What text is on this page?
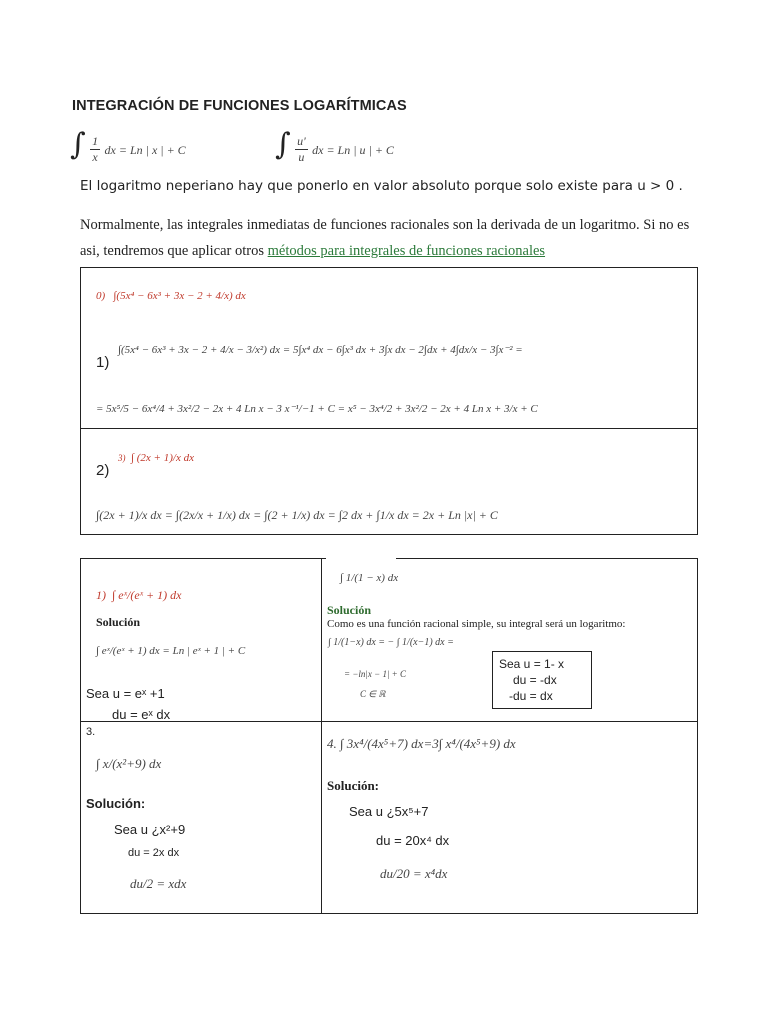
INTEGRACIÓN DE FUNCIONES LOGARÍTMICAS
∫ $\frac{1}{x}$ dx = Ln | x | + C	∫ $\frac{u'}{u}$ dx = Ln | u | + C
El logaritmo neperiano hay que ponerlo en valor absoluto porque solo existe para u > 0 .
Normalmente, las integrales inmediatas de funciones racionales son la derivada de un logaritmo. Si no es asi, tendremos que aplicar otros métodos para integrales de funciones racionales
0) ∫(5x⁴ − 6x³ + 3x − 2 + 4/x) dx
1)
∫(5x⁴ − 6x³ + 3x − 2 + 4/x − 3/x²) dx = 5∫x⁴ dx − 6∫x³ dx + 3∫x dx − 2∫dx + 4∫dx/x − 3∫x⁻² =
= 5x⁵/5 − 6x⁴/4 + 3x²/2 − 2x + 4 Ln x − 3 x⁻¹/−1 + C = x⁵ − 3x⁴/2 + 3x²/2 − 2x + 4 Ln x + 3/x + C
2)
3) ∫ (2x + 1)/x dx
∫(2x + 1)/x dx = ∫(2x/x + 1/x) dx = ∫(2 + 1/x) dx = ∫2 dx + ∫1/x dx = 2x + Ln |x| + C
1) ∫ eˣ/(eˣ + 1) dx
Solución
∫ eˣ/(eˣ + 1) dx = Ln | eˣ + 1 | + C
Sea u = eˣ +1
du = eˣ dx
∫ 1/(1 − x) dx
Solución
Como es una función racional simple, su integral será un logaritmo:
∫ 1/(1−x) dx = − ∫ 1/(x−1) dx =
= −ln|x − 1| + C
C ∈ ℝ
Sea u = 1- x
du = -dx
-du = dx
3.
∫ x/(x²+9) dx
Solución:
Sea u ¿x²+9
du = 2x dx
du/2 = xdx
4. ∫ 3x⁴/(4x⁵+7) dx=3∫ x⁴/(4x⁵+9) dx
Solución:
Sea u ¿5x⁵+7
du = 20x⁴ dx
du/20 = x⁴dx
